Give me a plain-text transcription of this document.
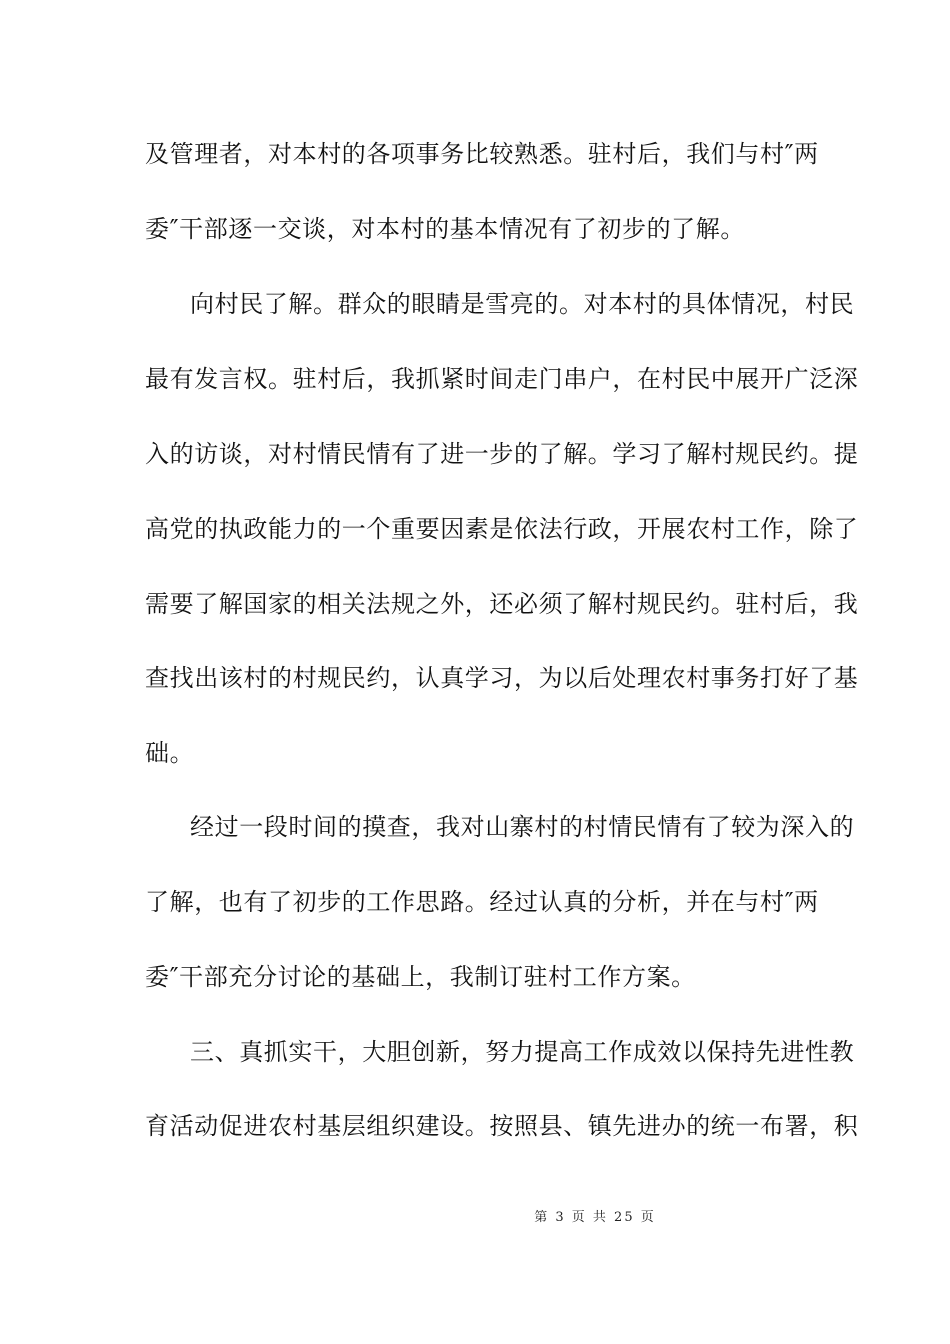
及管理者，对本村的各项事务比较熟悉。驻村后，我们与村″两
委″干部逐一交谈，对本村的基本情况有了初步的了解。
向村民了解。群众的眼睛是雪亮的。对本村的具体情况，村民
最有发言权。驻村后，我抓紧时间走门串户，在村民中展开广泛深
入的访谈，对村情民情有了进一步的了解。学习了解村规民约。提
高党的执政能力的一个重要因素是依法行政，开展农村工作，除了
需要了解国家的相关法规之外，还必须了解村规民约。驻村后，我
查找出该村的村规民约，认真学习，为以后处理农村事务打好了基
础。
经过一段时间的摸查，我对山寨村的村情民情有了较为深入的
了解，也有了初步的工作思路。经过认真的分析，并在与村″两
委″干部充分讨论的基础上，我制订驻村工作方案。
三、真抓实干，大胆创新，努力提高工作成效以保持先进性教
育活动促进农村基层组织建设。按照县、镇先进办的统一布署，积
第 3 页 共 25 页
